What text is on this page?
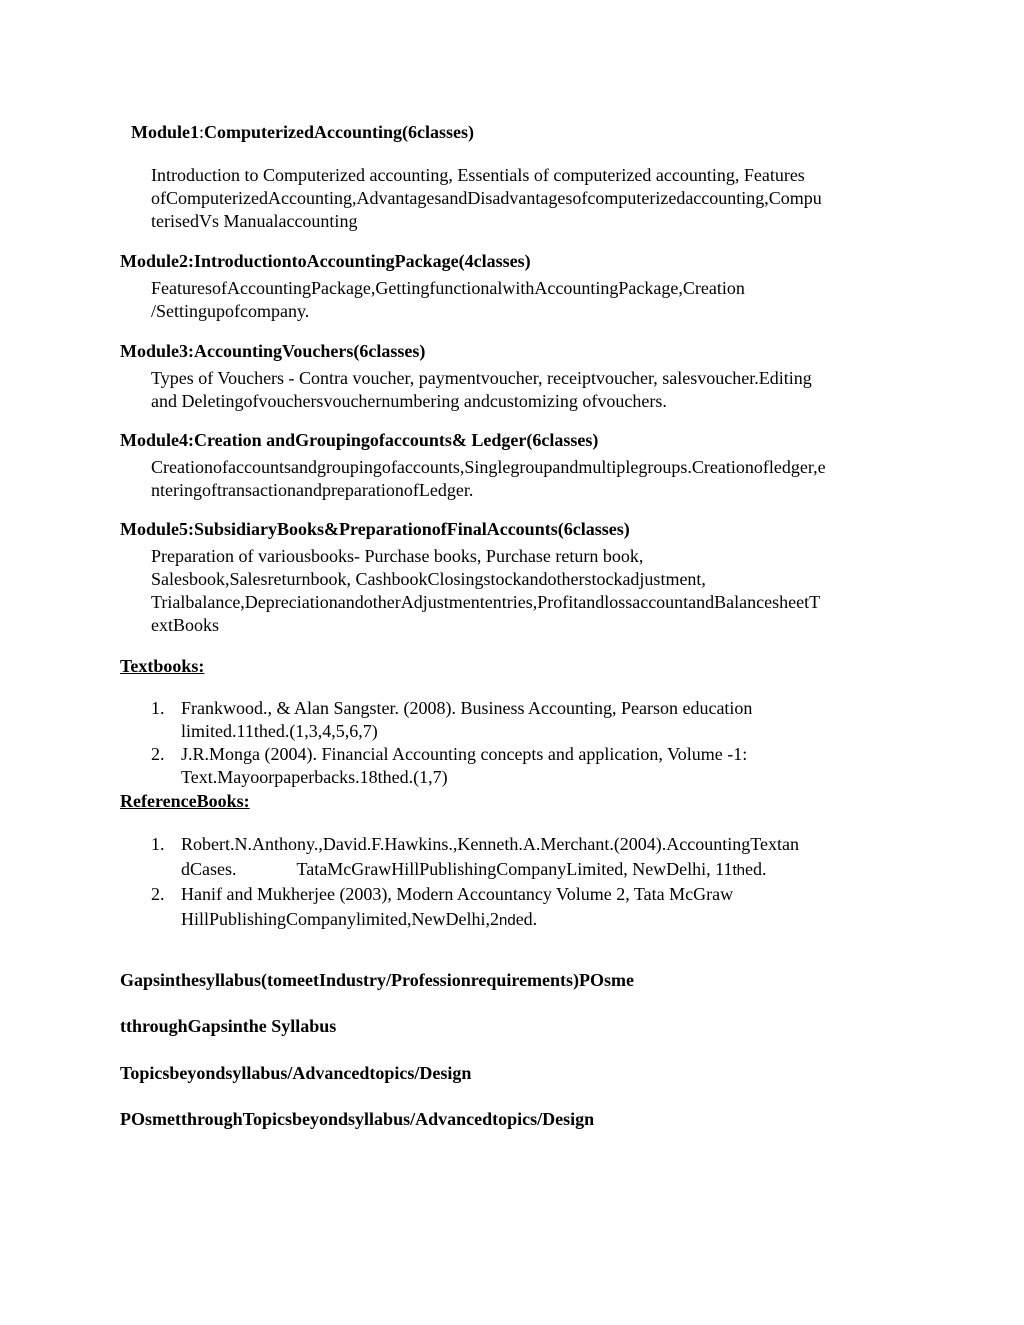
Module1:ComputerizedAccounting(6classes)
Introduction to Computerized accounting, Essentials of computerized accounting, Features
ofComputerizedAccounting,AdvantagesandDisadvantagesofcomputerizedaccounting,Compu
terisedVs Manualaccounting
Module2:IntroductiontoAccountingPackage(4classes)
FeaturesofAccountingPackage,GettingfunctionalwithAccountingPackage,Creation
/Settingupofcompany.
Module3:AccountingVouchers(6classes)
Types of Vouchers - Contra voucher, paymentvoucher, receiptvoucher, salesvoucher.Editing
and Deletingofvouchersvouchernumbering andcustomizing ofvouchers.
Module4:Creation andGroupingofaccounts& Ledger(6classes)
Creationofaccountsandgroupingofaccounts,Singlegroupandmultiplegroups.Creationofledger,e
nteringoftransactionandpreparationofLedger.
Module5:SubsidiaryBooks&PreparationofFinalAccounts(6classes)
Preparation of variousbooks- Purchase books, Purchase return book,
Salesbook,Salesreturnbook, CashbookClosingstockandotherstockadjustment,
Trialbalance,DepreciationandotherAdjustmententries,ProfitandlossaccountandBalancesheetT
extBooks
Textbooks:
1. Frankwood., & Alan Sangster. (2008). Business Accounting, Pearson education
limited.11thed.(1,3,4,5,6,7)
2. J.R.Monga (2004). Financial Accounting concepts and application, Volume -1:
Text.Mayoorpaperbacks.18thed.(1,7)
ReferenceBooks:
1. Robert.N.Anthony.,David.F.Hawkins.,Kenneth.A.Merchant.(2004).AccountingTextan
dCases.	TataMcGrawHillPublishingCompanyLimited, NewDelhi, 11thed.
2. Hanif and Mukherjee (2003), Modern Accountancy Volume 2, Tata McGraw
HillPublishingCompanylimited,NewDelhi,2nded.
Gapsinthesyllabus(tomeetIndustry/Professionrequirements)POsme
tthroughGapsinthe Syllabus
Topicsbeyondsyllabus/Advancedtopics/Design
POsmetthroughTopicsbeyondsyllabus/Advancedtopics/Design
